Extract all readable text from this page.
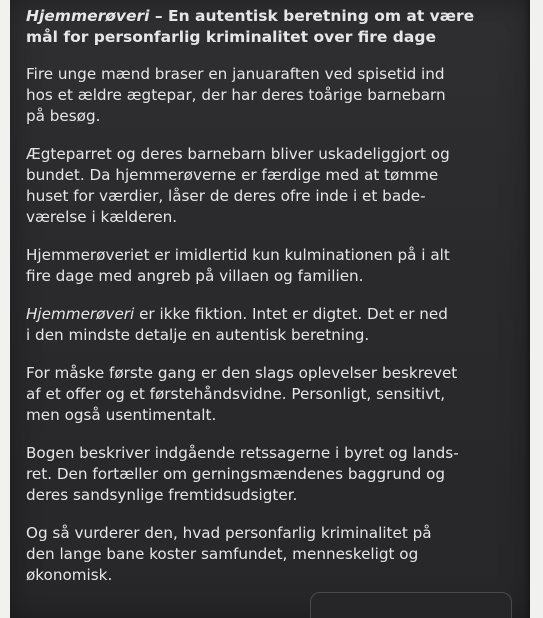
Hjemmerøveri – En autentisk beretning om at være
mål for personfarlig kriminalitet over fire dage
Fire unge mænd braser en januaraften ved spisetid ind
hos et ældre ægtepar, der har deres toårige barnebarn
på besøg.
Ægteparret og deres barnebarn bliver uskadeliggjort og
bundet. Da hjemmerøverne er færdige med at tømme
huset for værdier, låser de deres ofre inde i et bade-
værelse i kælderen.
Hjemmerøveriet er imidlertid kun kulminationen på i alt
fire dage med angreb på villaen og familien.
Hjemmerøveri er ikke fiktion. Intet er digtet. Det er ned
i den mindste detalje en autentisk beretning.
For måske første gang er den slags oplevelser beskrevet
af et offer og et førstehåndsvidne. Personligt, sensitivt,
men også usentimentalt.
Bogen beskriver indgående retssagerne i byret og lands-
ret. Den fortæller om gerningsmændenes baggrund og
deres sandsynlige fremtidsudsigter.
Og så vurderer den, hvad personfarlig kriminalitet på
den lange bane koster samfundet, menneskeligt og
økonomisk.
